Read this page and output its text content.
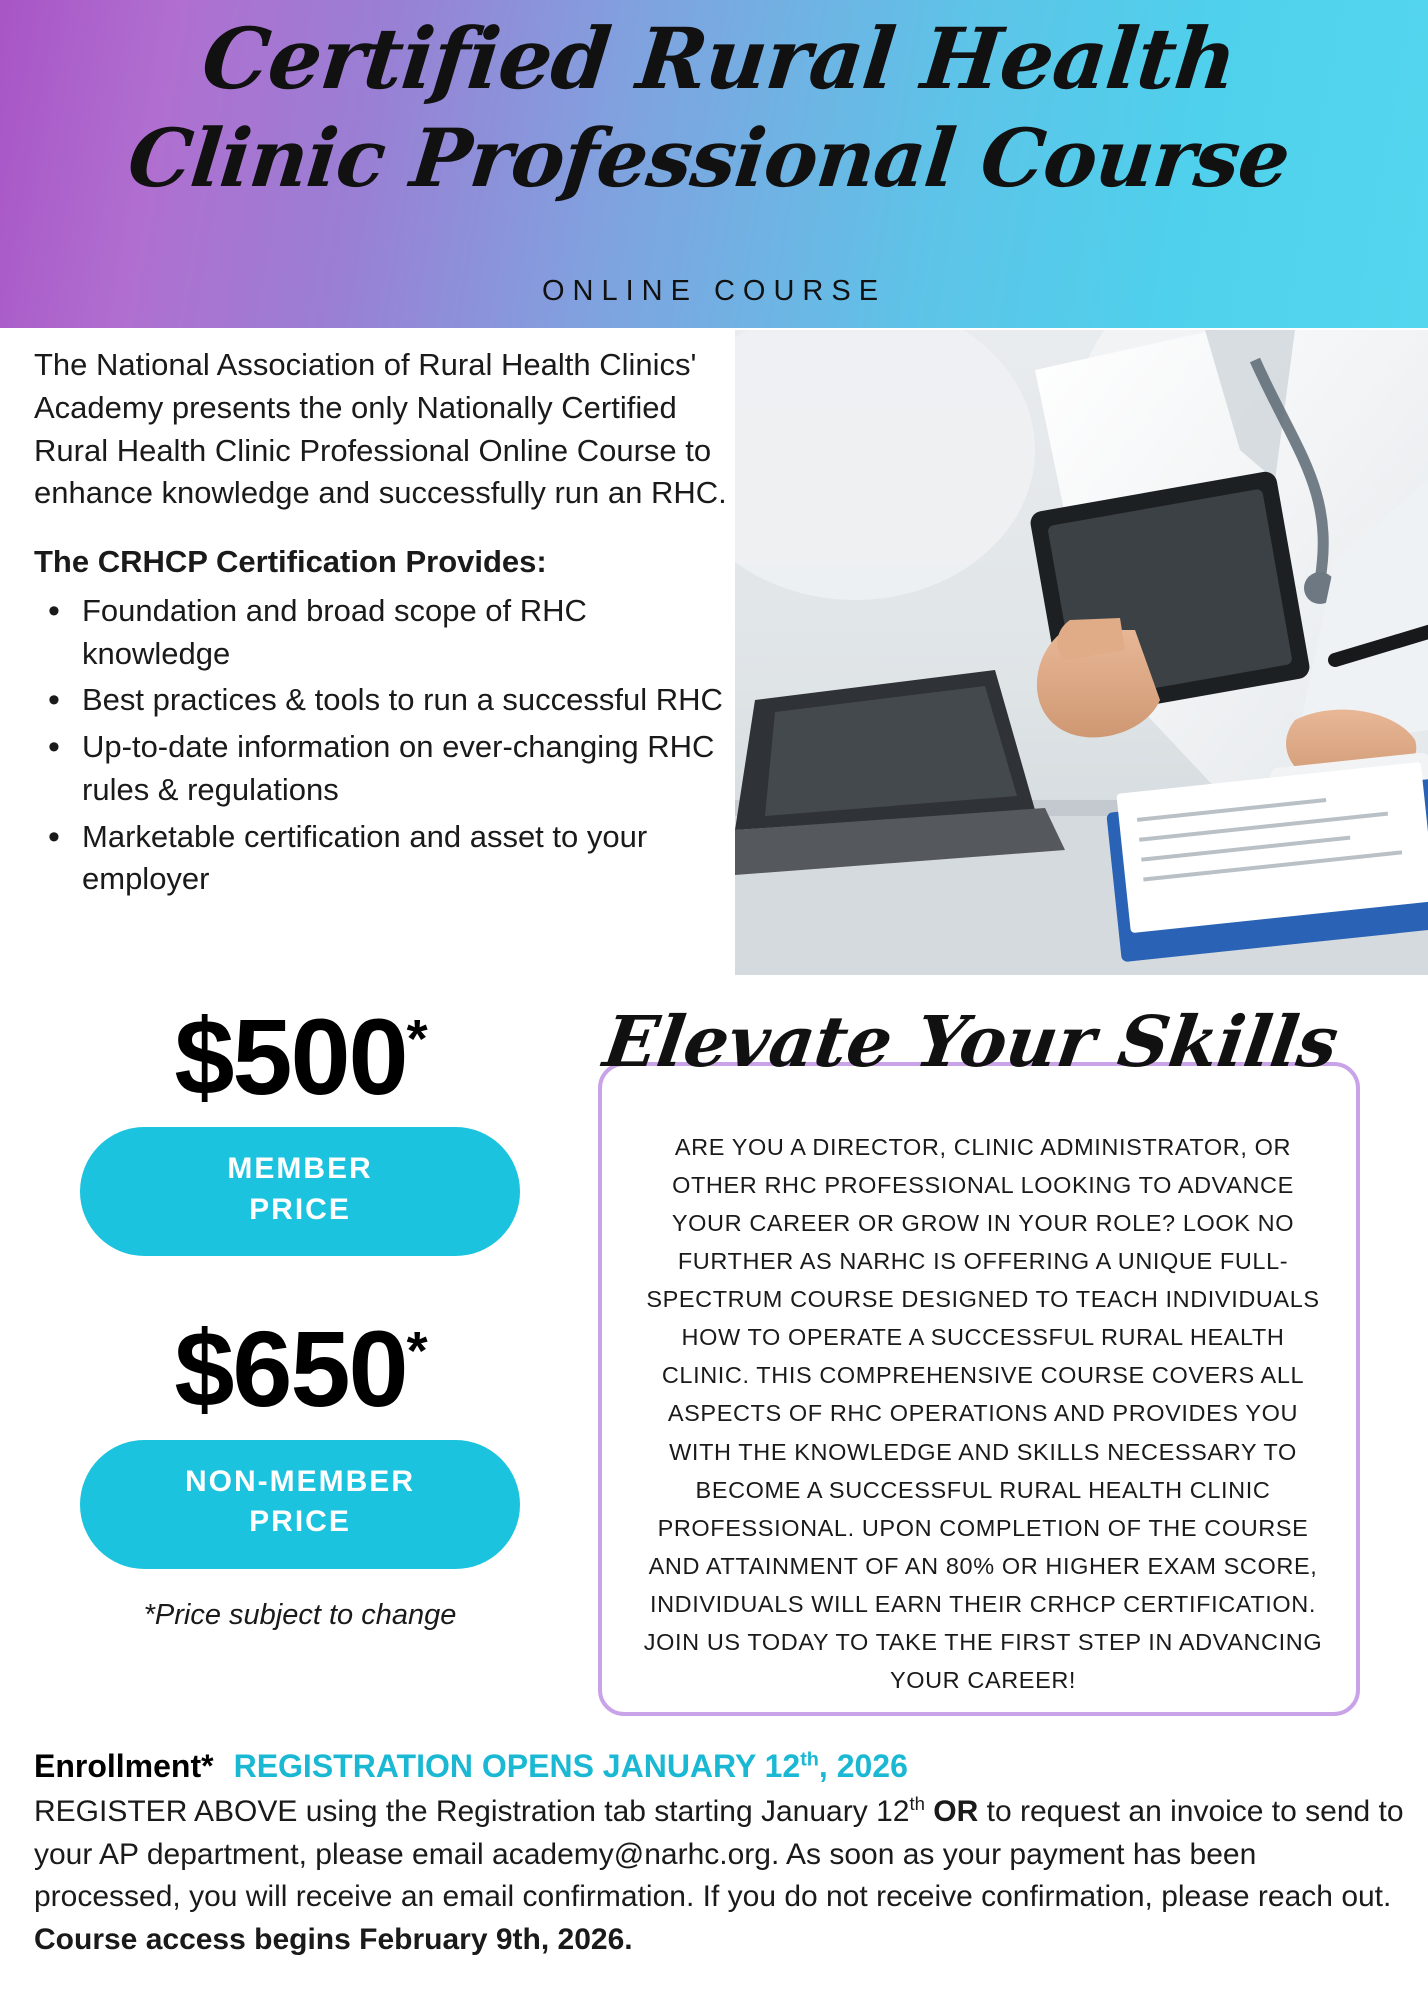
Certified Rural Health
Clinic Professional Course
ONLINE COURSE

The National Association of Rural Health Clinics' Academy presents the only Nationally Certified Rural Health Clinic Professional Online Course to enhance knowledge and successfully run an RHC.

The CRHCP Certification Provides:
• Foundation and broad scope of RHC knowledge
• Best practices & tools to run a successful RHC
• Up-to-date information on ever-changing RHC rules & regulations
• Marketable certification and asset to your employer
$500*
MEMBER
PRICE
$650*
NON-MEMBER
PRICE
*Price subject to change
Elevate Your Skills
ARE YOU A DIRECTOR, CLINIC ADMINISTRATOR, OR OTHER RHC PROFESSIONAL LOOKING TO ADVANCE YOUR CAREER OR GROW IN YOUR ROLE? LOOK NO FURTHER AS NARHC IS OFFERING A UNIQUE FULL-SPECTRUM COURSE DESIGNED TO TEACH INDIVIDUALS HOW TO OPERATE A SUCCESSFUL RURAL HEALTH CLINIC. THIS COMPREHENSIVE COURSE COVERS ALL ASPECTS OF RHC OPERATIONS AND PROVIDES YOU WITH THE KNOWLEDGE AND SKILLS NECESSARY TO BECOME A SUCCESSFUL RURAL HEALTH CLINIC PROFESSIONAL. UPON COMPLETION OF THE COURSE AND ATTAINMENT OF AN 80% OR HIGHER EXAM SCORE, INDIVIDUALS WILL EARN THEIR CRHCP CERTIFICATION. JOIN US TODAY TO TAKE THE FIRST STEP IN ADVANCING YOUR CAREER!
Enrollment* REGISTRATION OPENS JANUARY 12th, 2026
REGISTER ABOVE using the Registration tab starting January 12th OR to request an invoice to send to your AP department, please email academy@narhc.org. As soon as your payment has been processed, you will receive an email confirmation. If you do not receive confirmation, please reach out. Course access begins February 9th, 2026.
